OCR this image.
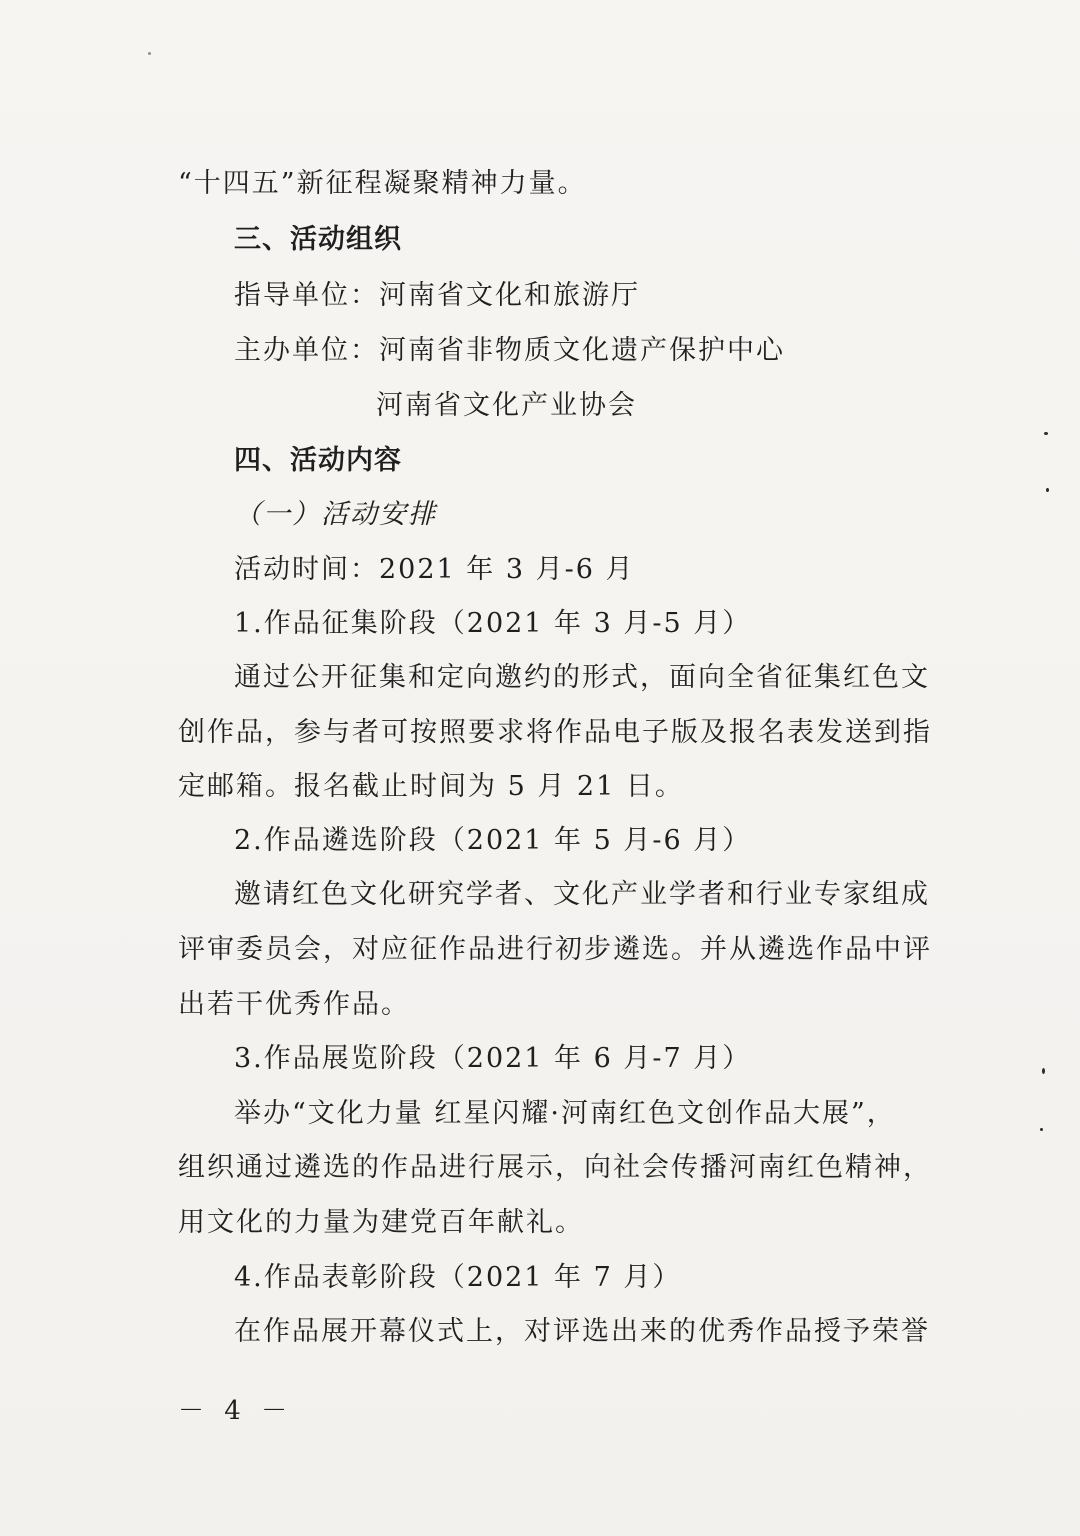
“十四五”新征程凝聚精神力量。
三、活动组织
指导单位：河南省文化和旅游厅
主办单位：河南省非物质文化遗产保护中心
河南省文化产业协会
四、活动内容
（一）活动安排
活动时间：2021 年 3 月-6 月
1.作品征集阶段（2021 年 3 月-5 月）
通过公开征集和定向邀约的形式，面向全省征集红色文
创作品，参与者可按照要求将作品电子版及报名表发送到指
定邮箱。报名截止时间为 5 月 21 日。
2.作品遴选阶段（2021 年 5 月-6 月）
邀请红色文化研究学者、文化产业学者和行业专家组成
评审委员会，对应征作品进行初步遴选。并从遴选作品中评
出若干优秀作品。
3.作品展览阶段（2021 年 6 月-7 月）
举办“文化力量 红星闪耀·河南红色文创作品大展”，
组织通过遴选的作品进行展示，向社会传播河南红色精神，
用文化的力量为建党百年献礼。
4.作品表彰阶段（2021 年 7 月）
在作品展开幕仪式上，对评选出来的优秀作品授予荣誉
－ 4 －
